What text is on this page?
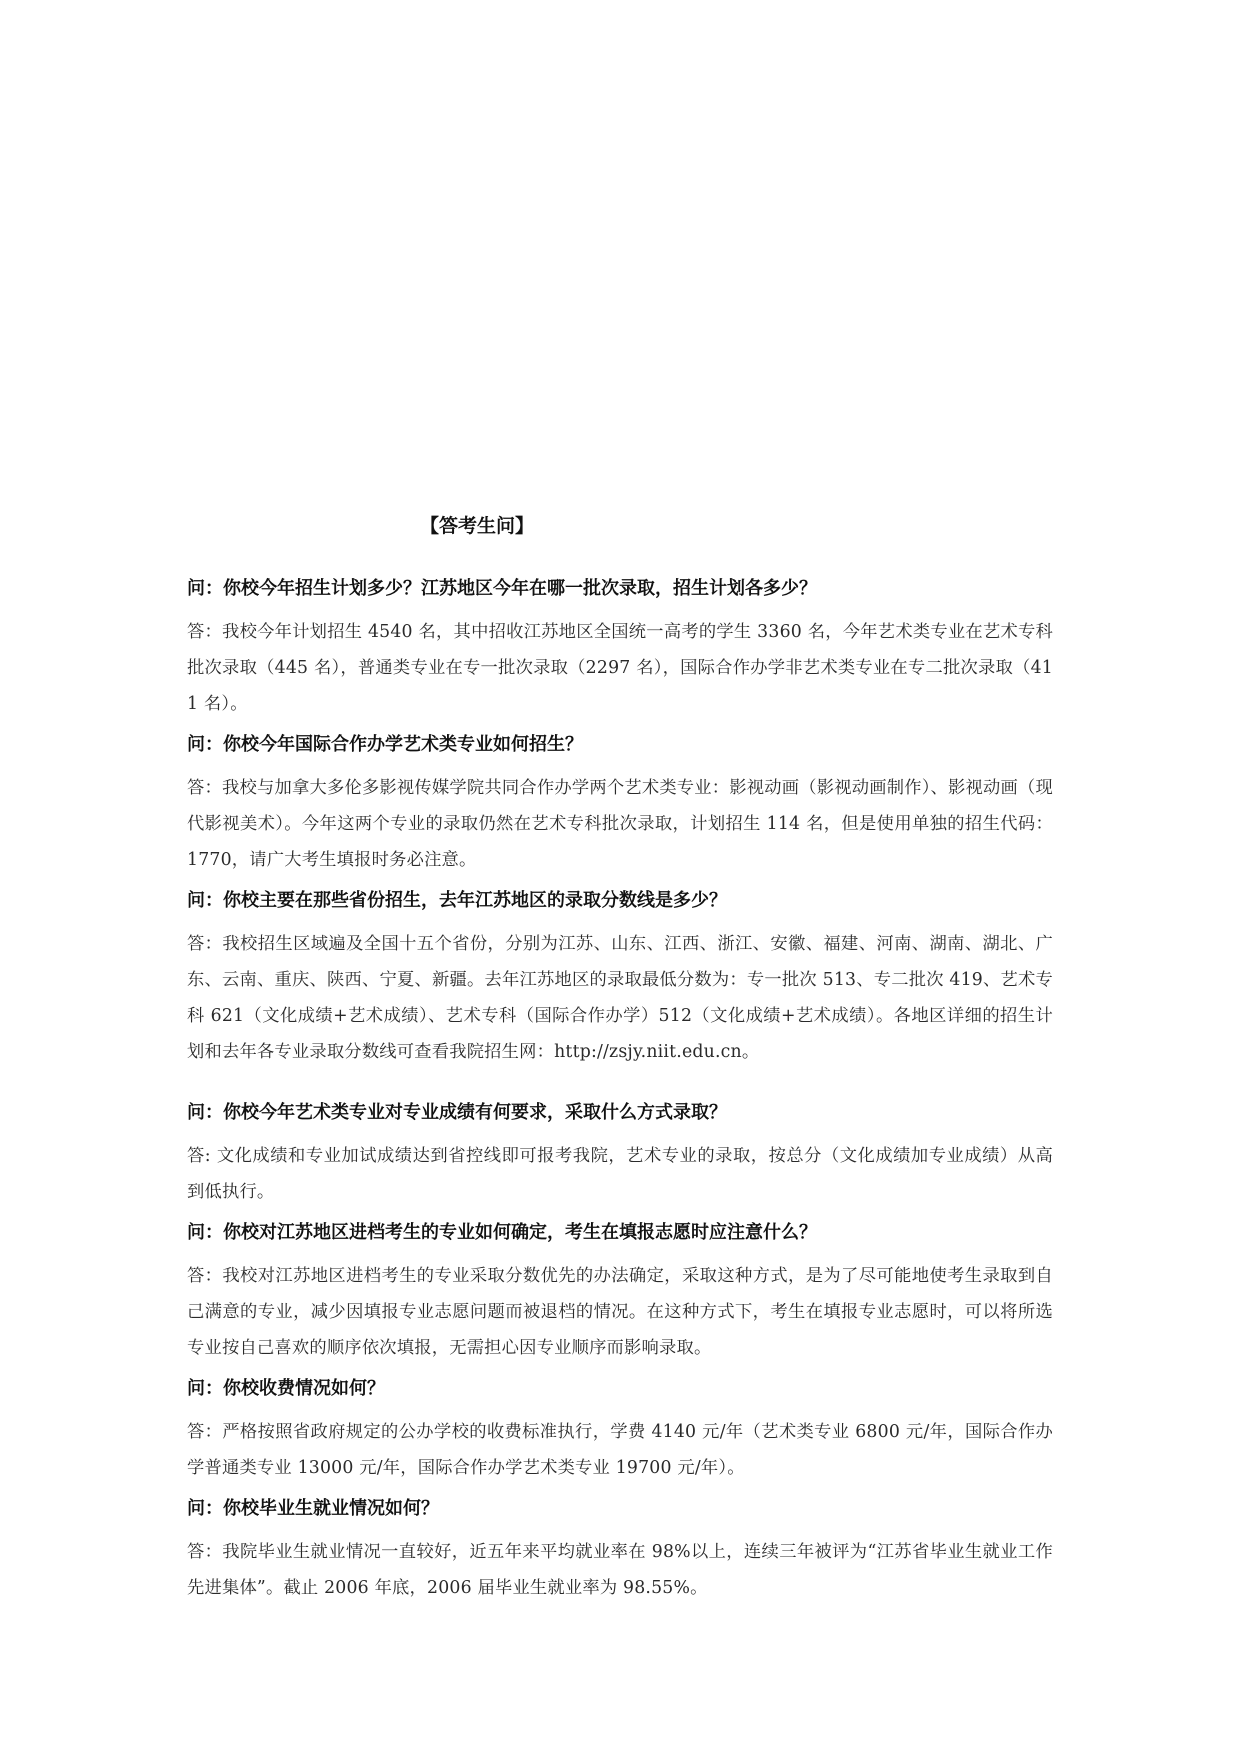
【答考生问】
问：你校今年招生计划多少？江苏地区今年在哪一批次录取，招生计划各多少？
答：我校今年计划招生 4540 名，其中招收江苏地区全国统一高考的学生 3360 名，今年艺术类专业在艺术专科批次录取（445 名），普通类专业在专一批次录取（2297 名），国际合作办学非艺术类专业在专二批次录取（411 名）。
问：你校今年国际合作办学艺术类专业如何招生？
答：我校与加拿大多伦多影视传媒学院共同合作办学两个艺术类专业：影视动画（影视动画制作）、影视动画（现代影视美术）。今年这两个专业的录取仍然在艺术专科批次录取，计划招生 114 名，但是使用单独的招生代码：1770，请广大考生填报时务必注意。
问：你校主要在那些省份招生，去年江苏地区的录取分数线是多少？
答：我校招生区域遍及全国十五个省份，分别为江苏、山东、江西、浙江、安徽、福建、河南、湖南、湖北、广东、云南、重庆、陕西、宁夏、新疆。去年江苏地区的录取最低分数为：专一批次 513、专二批次 419、艺术专科 621（文化成绩+艺术成绩）、艺术专科（国际合作办学）512（文化成绩+艺术成绩）。各地区详细的招生计划和去年各专业录取分数线可查看我院招生网：http://zsjy.niit.edu.cn。
问：你校今年艺术类专业对专业成绩有何要求，采取什么方式录取？
答: 文化成绩和专业加试成绩达到省控线即可报考我院，艺术专业的录取，按总分（文化成绩加专业成绩）从高到低执行。
问：你校对江苏地区进档考生的专业如何确定，考生在填报志愿时应注意什么？
答：我校对江苏地区进档考生的专业采取分数优先的办法确定，采取这种方式，是为了尽可能地使考生录取到自己满意的专业，减少因填报专业志愿问题而被退档的情况。在这种方式下，考生在填报专业志愿时，可以将所选专业按自己喜欢的顺序依次填报，无需担心因专业顺序而影响录取。
问：你校收费情况如何？
答：严格按照省政府规定的公办学校的收费标准执行，学费 4140 元/年（艺术类专业 6800 元/年，国际合作办学普通类专业 13000 元/年，国际合作办学艺术类专业 19700 元/年）。
问：你校毕业生就业情况如何？
答：我院毕业生就业情况一直较好，近五年来平均就业率在 98%以上，连续三年被评为“江苏省毕业生就业工作先进集体”。截止 2006 年底，2006 届毕业生就业率为 98.55%。
